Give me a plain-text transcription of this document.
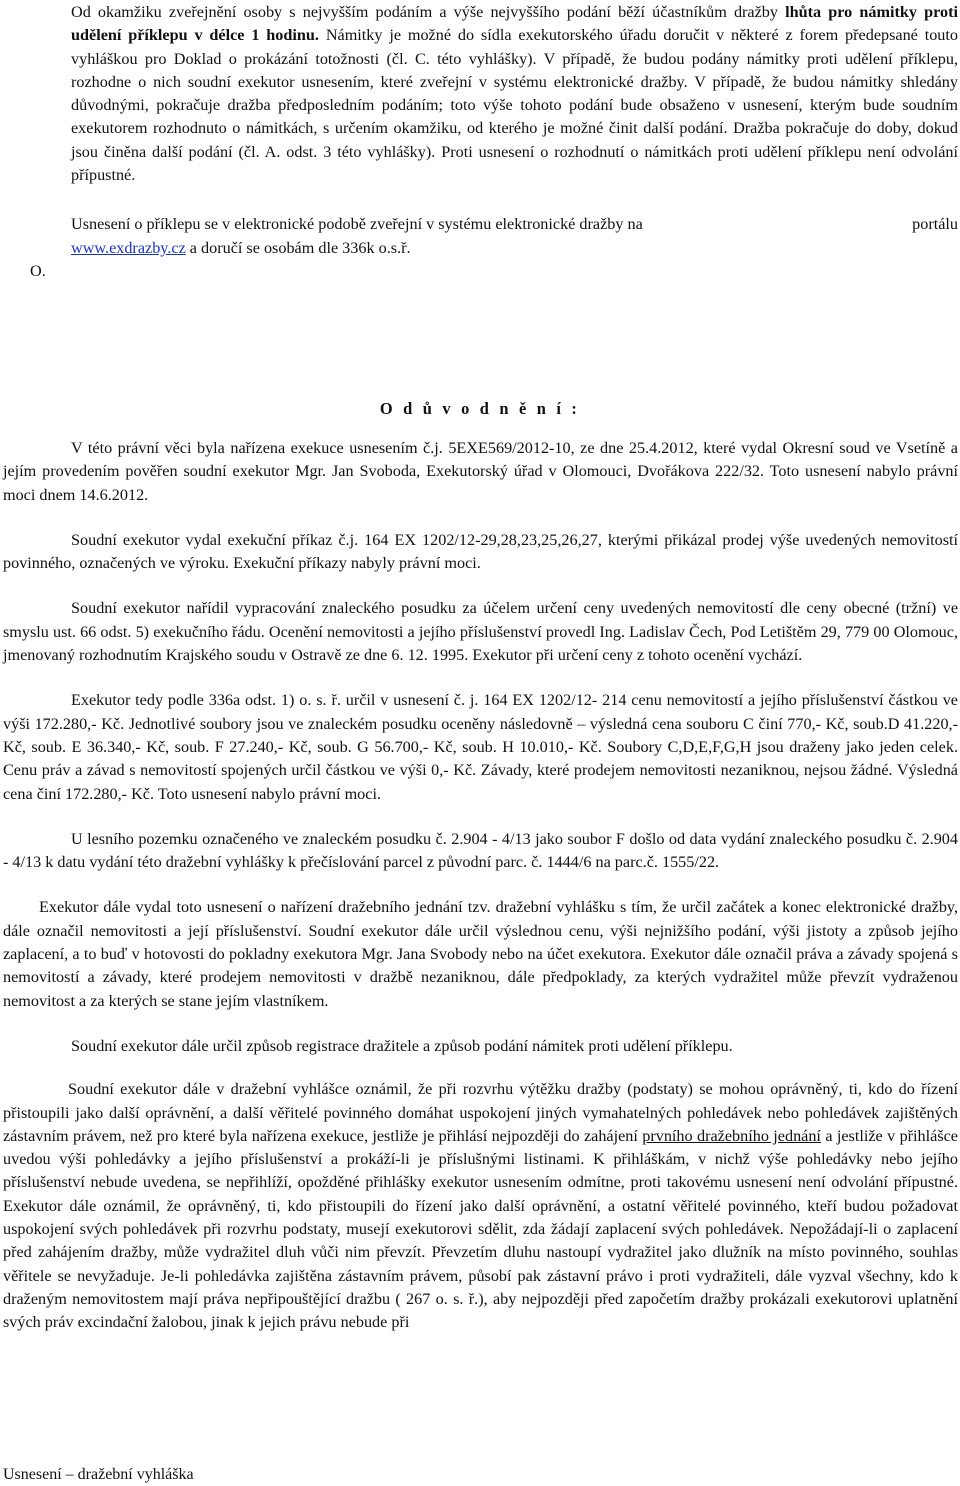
O.

Od okamžiku zveřejnění osoby s nejvyšším podáním a výše nejvyššího podání běží účastníkům dražby lhůta pro námitky proti udělení příklepu v délce 1 hodinu. Námitky je možné do sídla exekutorského úřadu doručit v některé z forem předepsané touto vyhláškou pro Doklad o prokázání totožnosti (čl. C. této vyhlášky). V případě, že budou podány námitky proti udělení příklepu, rozhodne o nich soudní exekutor usnesením, které zveřejní v systému elektronické dražby. V případě, že budou námitky shledány důvodnými, pokračuje dražba předposledním podáním; toto výše tohoto podání bude obsaženo v usnesení, kterým bude soudním exekutorem rozhodnuto o námitkách, s určením okamžiku, od kterého je možné činit další podání. Dražba pokračuje do doby, dokud jsou činěna další podání (čl. A. odst. 3 této vyhlášky). Proti usnesení o rozhodnutí o námitkách proti udělení příklepu není odvolání přípustné.

Usnesení o příklepu se v elektronické podobě zveřejní v systému elektronické dražby na	portálu
www.exdrazby.cz a doručí se osobám dle 336k o.s.ř.
O d ů v o d n ě n í :

V této právní věci byla nařízena exekuce usnesením č.j. 5EXE569/2012-10, ze dne 25.4.2012, které vydal Okresní soud ve Vsetíně a jejím provedením pověřen soudní exekutor Mgr. Jan Svoboda, Exekutorský úřad v Olomouci, Dvořákova 222/32. Toto usnesení nabylo právní moci dnem 14.6.2012.

Soudní exekutor vydal exekuční příkaz č.j. 164 EX 1202/12-29,28,23,25,26,27, kterými přikázal prodej výše uvedených nemovitostí povinného, označených ve výroku. Exekuční příkazy nabyly právní moci.

Soudní exekutor nařídil vypracování znaleckého posudku za účelem určení ceny uvedených nemovitostí dle ceny obecné (tržní) ve smyslu ust. 66 odst. 5) exekučního řádu. Ocenění nemovitosti a jejího příslušenství provedl Ing. Ladislav Čech, Pod Letištěm 29, 779 00 Olomouc, jmenovaný rozhodnutím Krajského soudu v Ostravě ze dne 6. 12. 1995. Exekutor při určení ceny z tohoto ocenění vychází.

Exekutor tedy podle 336a odst. 1) o. s. ř. určil v usnesení č. j. 164 EX 1202/12- 214 cenu nemovitostí a jejího příslušenství částkou ve výši 172.280,- Kč. Jednotlivé soubory jsou ve znaleckém posudku oceněny následovně – výsledná cena souboru C činí 770,- Kč, soub.D 41.220,- Kč, soub. E 36.340,- Kč, soub. F 27.240,- Kč, soub. G 56.700,- Kč, soub. H 10.010,- Kč. Soubory C,D,E,F,G,H jsou draženy jako jeden celek. Cenu práv a závad s nemovitostí spojených určil částkou ve výši 0,- Kč. Závady, které prodejem nemovitosti nezaniknou, nejsou žádné. Výsledná cena činí 172.280,- Kč. Toto usnesení nabylo právní moci.

U lesního pozemku označeného ve znaleckém posudku č. 2.904 - 4/13 jako soubor F došlo od data vydání znaleckého posudku č. 2.904 - 4/13 k datu vydání této dražební vyhlášky k přečíslování parcel z původní parc. č. 1444/6 na parc.č. 1555/22.

Exekutor dále vydal toto usnesení o nařízení dražebního jednání tzv. dražební vyhlášku s tím, že určil začátek a konec elektronické dražby, dále označil nemovitosti a její příslušenství. Soudní exekutor dále určil výslednou cenu, výši nejnižšího podání, výši jistoty a způsob jejího zaplacení, a to buď v hotovosti do pokladny exekutora Mgr. Jana Svobody nebo na účet exekutora. Exekutor dále označil práva a závady spojená s nemovitostí a závady, které prodejem nemovitosti v dražbě nezaniknou, dále předpoklady, za kterých vydražitel může převzít vydraženou nemovitost a za kterých se stane jejím vlastníkem.

Soudní exekutor dále určil způsob registrace dražitele a způsob podání námitek proti udělení příklepu.

Soudní exekutor dále v dražební vyhlášce oznámil, že při rozvrhu výtěžku dražby (podstaty) se mohou oprávněný, ti, kdo do řízení přistoupili jako další oprávnění, a další věřitelé povinného domáhat uspokojení jiných vymahatelných pohledávek nebo pohledávek zajištěných zástavním právem, než pro které byla nařízena exekuce, jestliže je přihlásí nejpozději do zahájení prvního dražebního jednání a jestliže v přihlášce uvedou výši pohledávky a jejího příslušenství a prokáží-li je příslušnými listinami. K přihláškám, v nichž výše pohledávky nebo jejího příslušenství nebude uvedena, se nepřihlíží, opožděné přihlášky exekutor usnesením odmítne, proti takovému usnesení není odvolání přípustné. Exekutor dále oznámil, že oprávněný, ti, kdo přistoupili do řízení jako další oprávnění, a ostatní věřitelé povinného, kteří budou požadovat uspokojení svých pohledávek při rozvrhu podstaty, musejí exekutorovi sdělit, zda žádají zaplacení svých pohledávek. Nepožádají-li o zaplacení před zahájením dražby, může vydražitel dluh vůči nim převzít. Převzetím dluhu nastoupí vydražitel jako dlužník na místo povinného, souhlas věřitele se nevyžaduje. Je-li pohledávka zajištěna zástavním právem, působí pak zástavní právo i proti vydražiteli, dále vyzval všechny, kdo k draženým nemovitostem mají práva nepřipouštějící dražbu ( 267 o. s. ř.), aby nejpozději před započetím dražby prokázali exekutorovi uplatnění svých práv excindační žalobou, jinak k jejich právu nebude při

Usnesení – dražební vyhláška
